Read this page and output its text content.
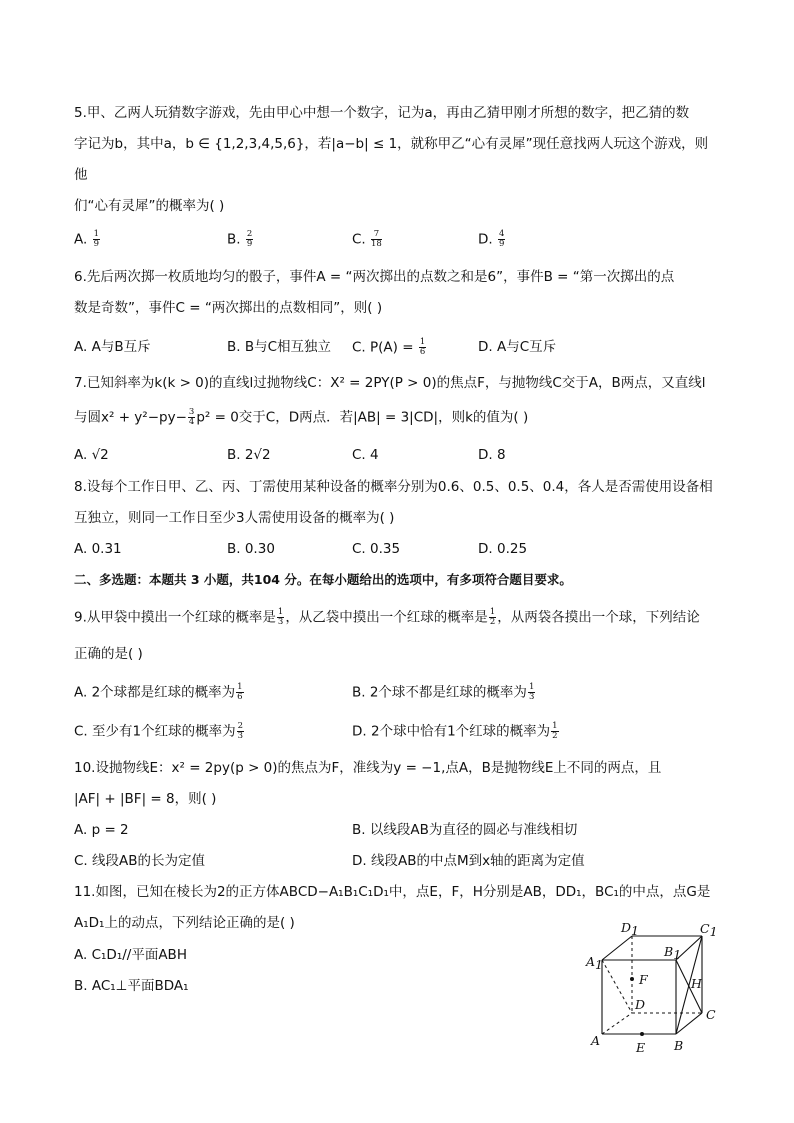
5.甲、乙两人玩猜数字游戏，先由甲心中想一个数字，记为a，再由乙猜甲刚才所想的数字，把乙猜的数
字记为b，其中a，b ∈ {1,2,3,4,5,6}，若|a−b| ≤ 1，就称甲乙“心有灵犀”现任意找两人玩这个游戏，则
他
们“心有灵犀”的概率为( )
A. $\frac{1}{9}$	B. $\frac{2}{9}$	C. $\frac{7}{18}$	D. $\frac{4}{9}$
6.先后两次掷一枚质地均匀的骰子，事件A = “两次掷出的点数之和是6”，事件B = “第一次掷出的点
数是奇数”，事件C = “两次掷出的点数相同”，则( )
A. A与B互斥	B. B与C相互独立 C. $P(A) = \frac{1}{6}$	D. A与C互斥
7.已知斜率为k(k > 0)的直线l过抛物线C：X² = 2PY(P > 0)的焦点F，与抛物线C交于A，B两点，又直线l
与圆$x^2 + y^2-py- \frac{3}{4} p^2 = 0$交于C，D两点．若|AB| = 3|CD|，则k的值为( )
A. √2	B. 2√2	C. 4	D. 8
8.设每个工作日甲、乙、丙、丁需使用某种设备的概率分别为0.6、0.5、0.5、0.4，各人是否需使用设备相
互独立，则同一工作日至少3人需使用设备的概率为( )
A. 0.31	B. 0.30	C. 0.35	D. 0.25
二、多选题：本题共 3 小题，共104 分。在每小题给出的选项中，有多项符合题目要求。
9.从甲袋中摸出一个红球的概率是 $\frac{1}{3}$ ，从乙袋中摸出一个红球的概率是 $\frac{1}{2}$ ，从两袋各摸出一个球，下列结论
正确的是( )
A. 2个球都是红球的概率为 $\frac{1}{6}$	B. 2个球不都是红球的概率为 $\frac{1}{3}$
C. 至少有1个红球的概率为 $\frac{2}{3}$	D. 2个球中恰有1个红球的概率为 $\frac{1}{2}$
10.设抛物线E：x² = 2py(p > 0)的焦点为F，准线为y = −1,点A，B是抛物线E上不同的两点，且
|AF| + |BF| = 8，则( )
A. p = 2	B. 以线段AB为直径的圆必与准线相切
C. 线段AB的长为定值	D. 线段AB的中点M到x轴的距离为定值
11.如图，已知在棱长为2的正方体ABCD−A₁B₁C₁D₁中，点E，F，H分别是AB，DD₁，BC₁的中点，点G是
A₁D₁上的动点，下列结论正确的是( )
A. C₁D₁//平面ABH
B. AC₁⊥平面BDA₁
D1	C1
A1
B1
F
D
H
C
A	E B
